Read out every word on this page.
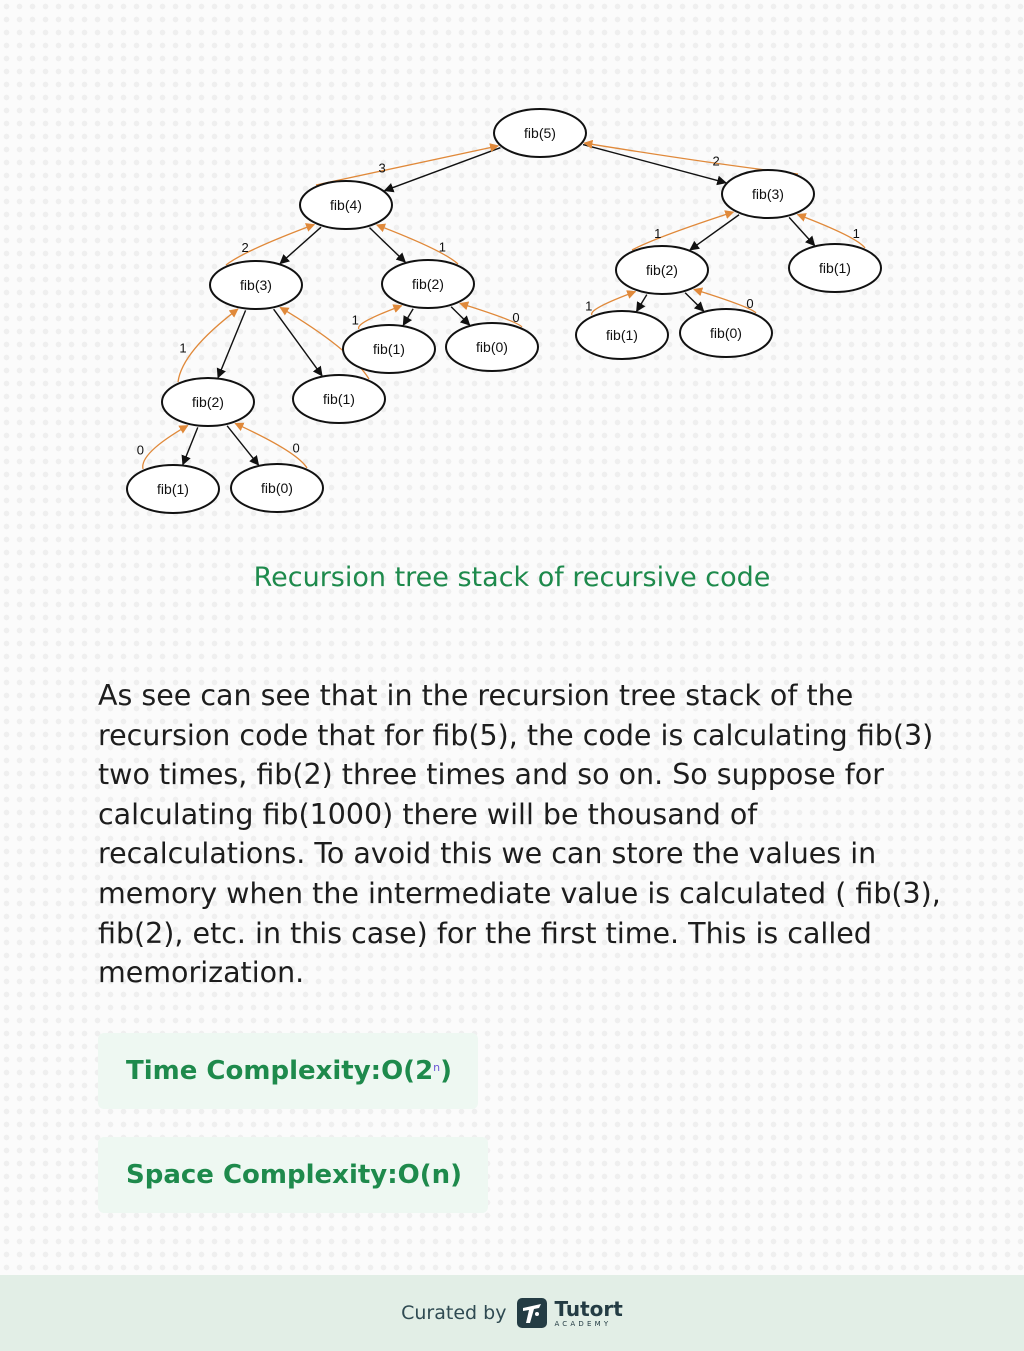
3	2
2	1
1
0	0
1	0
1	1
1	0
fib(5)
fib(4)
fib(3)
fib(3)	fib(2)
fib(2)	fib(1)
fib(2)	fib(1)
fib(1)	fib(0)
fib(1)	fib(0)
fib(1)	fib(0)
Recursion tree stack of recursive code
As see can see that in the recursion tree stack of the recursion code that for fib(5), the code is calculating fib(3) two times, fib(2) three times and so on. So suppose for calculating fib(1000) there will be thousand of recalculations. To avoid this we can store the values in memory when the intermediate value is calculated ( fib(3), fib(2), etc. in this case) for the first time. This is called memorization.
Time Complexity: O(2$^n$ )
Space Complexity: O(n)
Curated by Tutort
ACADEMY
